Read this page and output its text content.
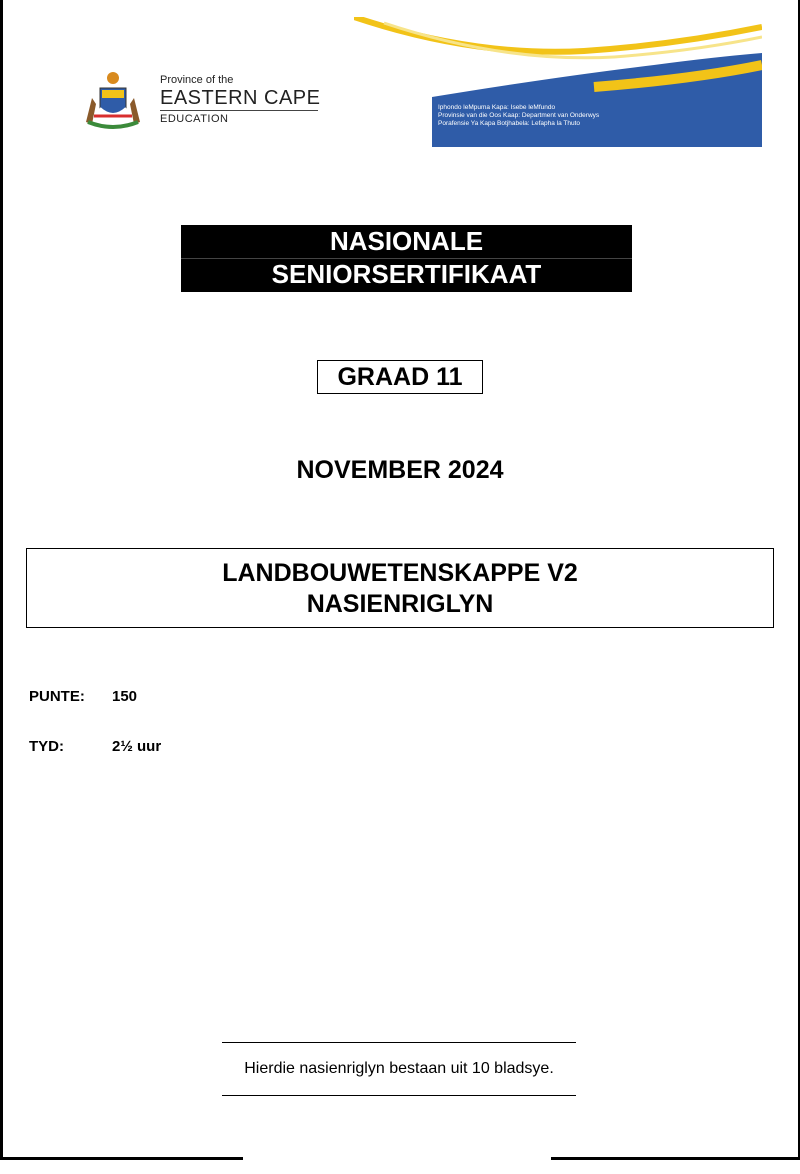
Province of the
EASTERN CAPE
EDUCATION
Iphondo leMpuma Kapa: Isebe leMfundo
Provinsie van die Oos Kaap: Department van Onderwys
Porafensie Ya Kapa Botjhabela: Lefapha la Thuto
NASIONALE
SENIORSERTIFIKAAT
GRAAD 11
NOVEMBER 2024
LANDBOUWETENSKAPPE V2
NASIENRIGLYN
PUNTE: 150
TYD:	2½ uur
Hierdie nasienriglyn bestaan uit 10 bladsye.
